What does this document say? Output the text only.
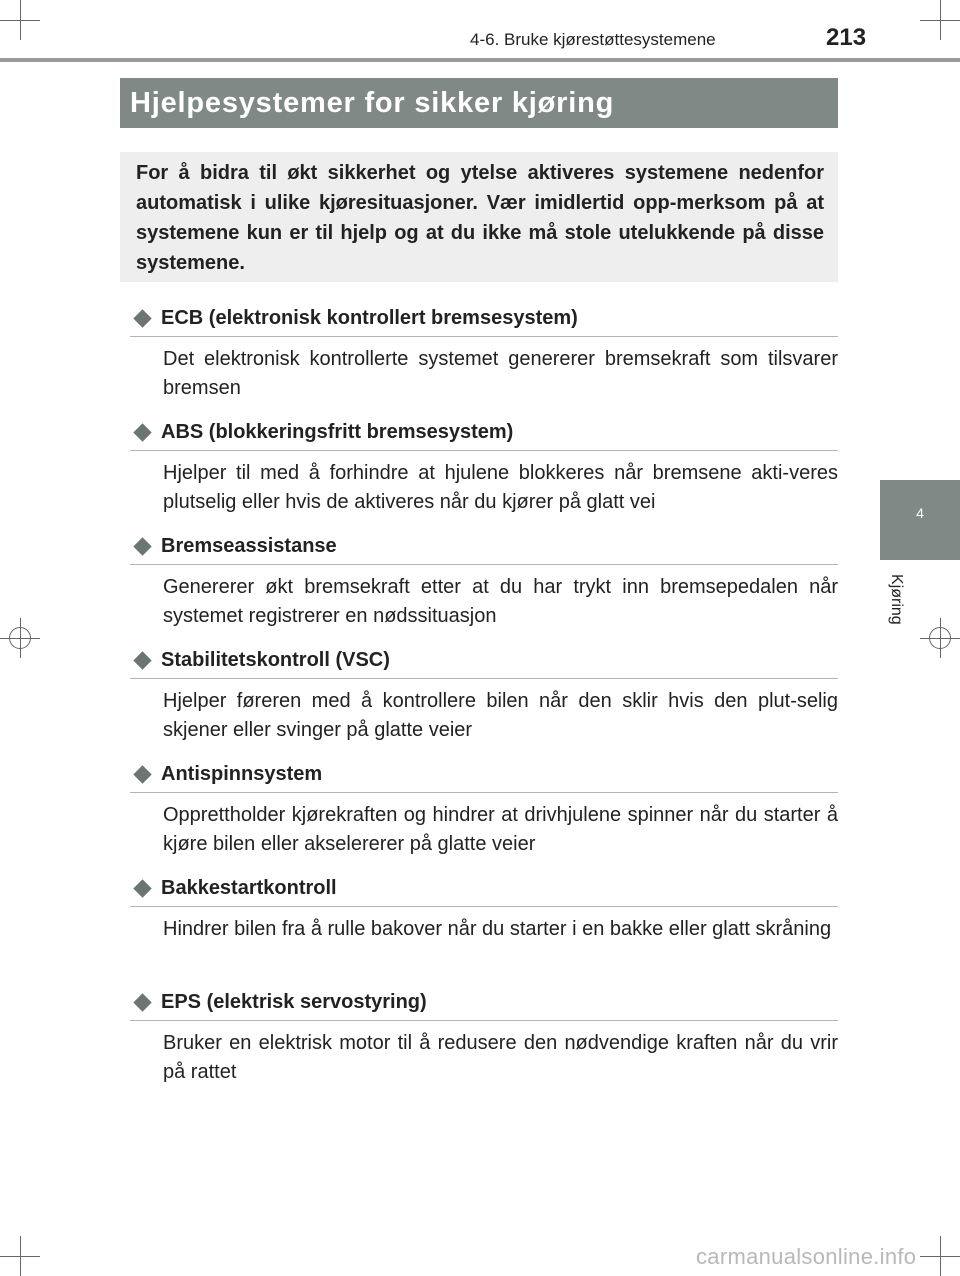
4-6. Bruke kjørestøttesystemene	213
Hjelpesystemer for sikker kjøring
For å bidra til økt sikkerhet og ytelse aktiveres systemene nedenfor automatisk i ulike kjøresituasjoner. Vær imidlertid opp-merksom på at systemene kun er til hjelp og at du ikke må stole utelukkende på disse systemene.
4
Kjøring
ECB (elektronisk kontrollert bremsesystem)
Det elektronisk kontrollerte systemet genererer bremsekraft som tilsvarer bremsen
ABS (blokkeringsfritt bremsesystem)
Hjelper til med å forhindre at hjulene blokkeres når bremsene akti-veres plutselig eller hvis de aktiveres når du kjører på glatt vei
Bremseassistanse
Genererer økt bremsekraft etter at du har trykt inn bremsepedalen når systemet registrerer en nødssituasjon
Stabilitetskontroll (VSC)
Hjelper føreren med å kontrollere bilen når den sklir hvis den plut-selig skjener eller svinger på glatte veier
Antispinnsystem
Opprettholder kjørekraften og hindrer at drivhjulene spinner når du starter å kjøre bilen eller akselererer på glatte veier
Bakkestartkontroll
Hindrer bilen fra å rulle bakover når du starter i en bakke eller glatt skråning
EPS (elektrisk servostyring)
Bruker en elektrisk motor til å redusere den nødvendige kraften når du vrir på rattet
carmanualsonline.info
